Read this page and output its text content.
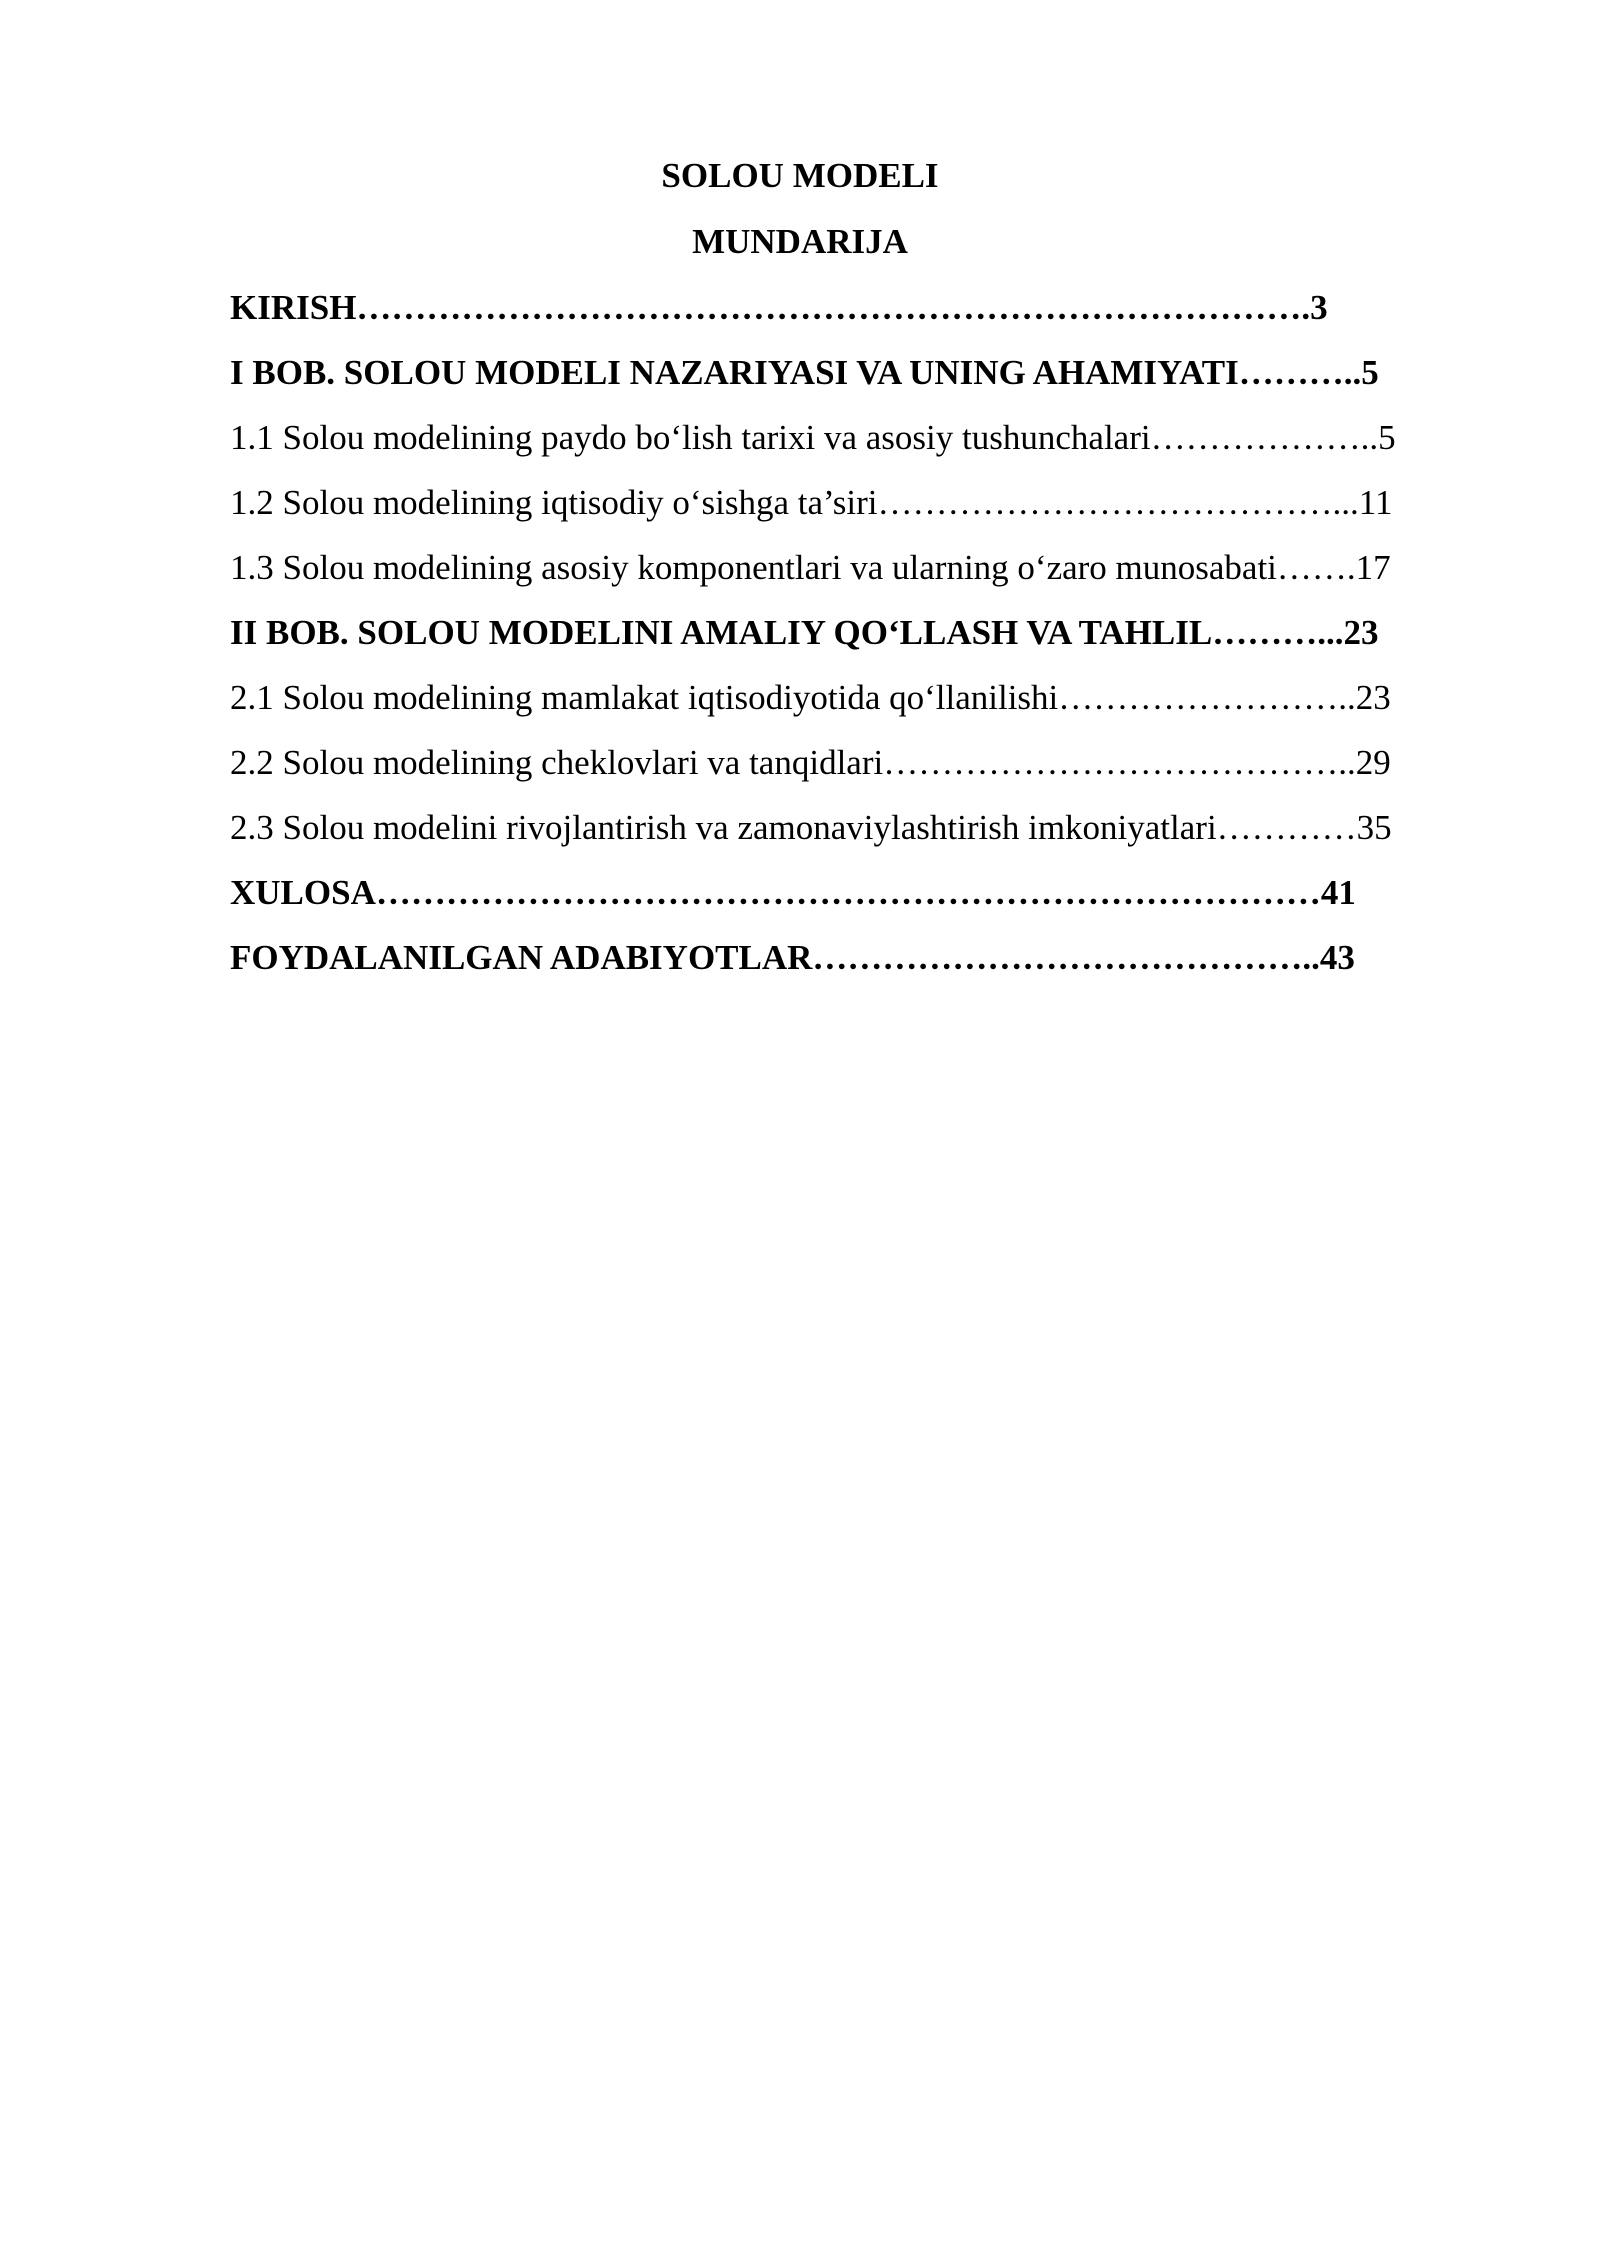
SOLOU MODELI
MUNDARIJA
KIRISH……………………………………………………………………….3
I BOB. SOLOU MODELI NAZARIYASI VA UNING AHAMIYATI………..5
1.1 Solou modelining paydo bo‘lish tarixi va asosiy tushunchalari………………..5
1.2 Solou modelining iqtisodiy o‘sishga ta’siri…………………………………...11
1.3 Solou modelining asosiy komponentlari va ularning o‘zaro munosabati…….17
II BOB. SOLOU MODELINI AMALIY QO‘LLASH VA TAHLIL………...23
2.1 Solou modelining mamlakat iqtisodiyotida qo‘llanilishi……………………..23
2.2 Solou modelining cheklovlari va tanqidlari…………………………………..29
2.3 Solou modelini rivojlantirish va zamonaviylashtirish imkoniyatlari…………35
XULOSA………………………………………………………………………41
FOYDALANILGAN ADABIYOTLAR……………………………………..43
